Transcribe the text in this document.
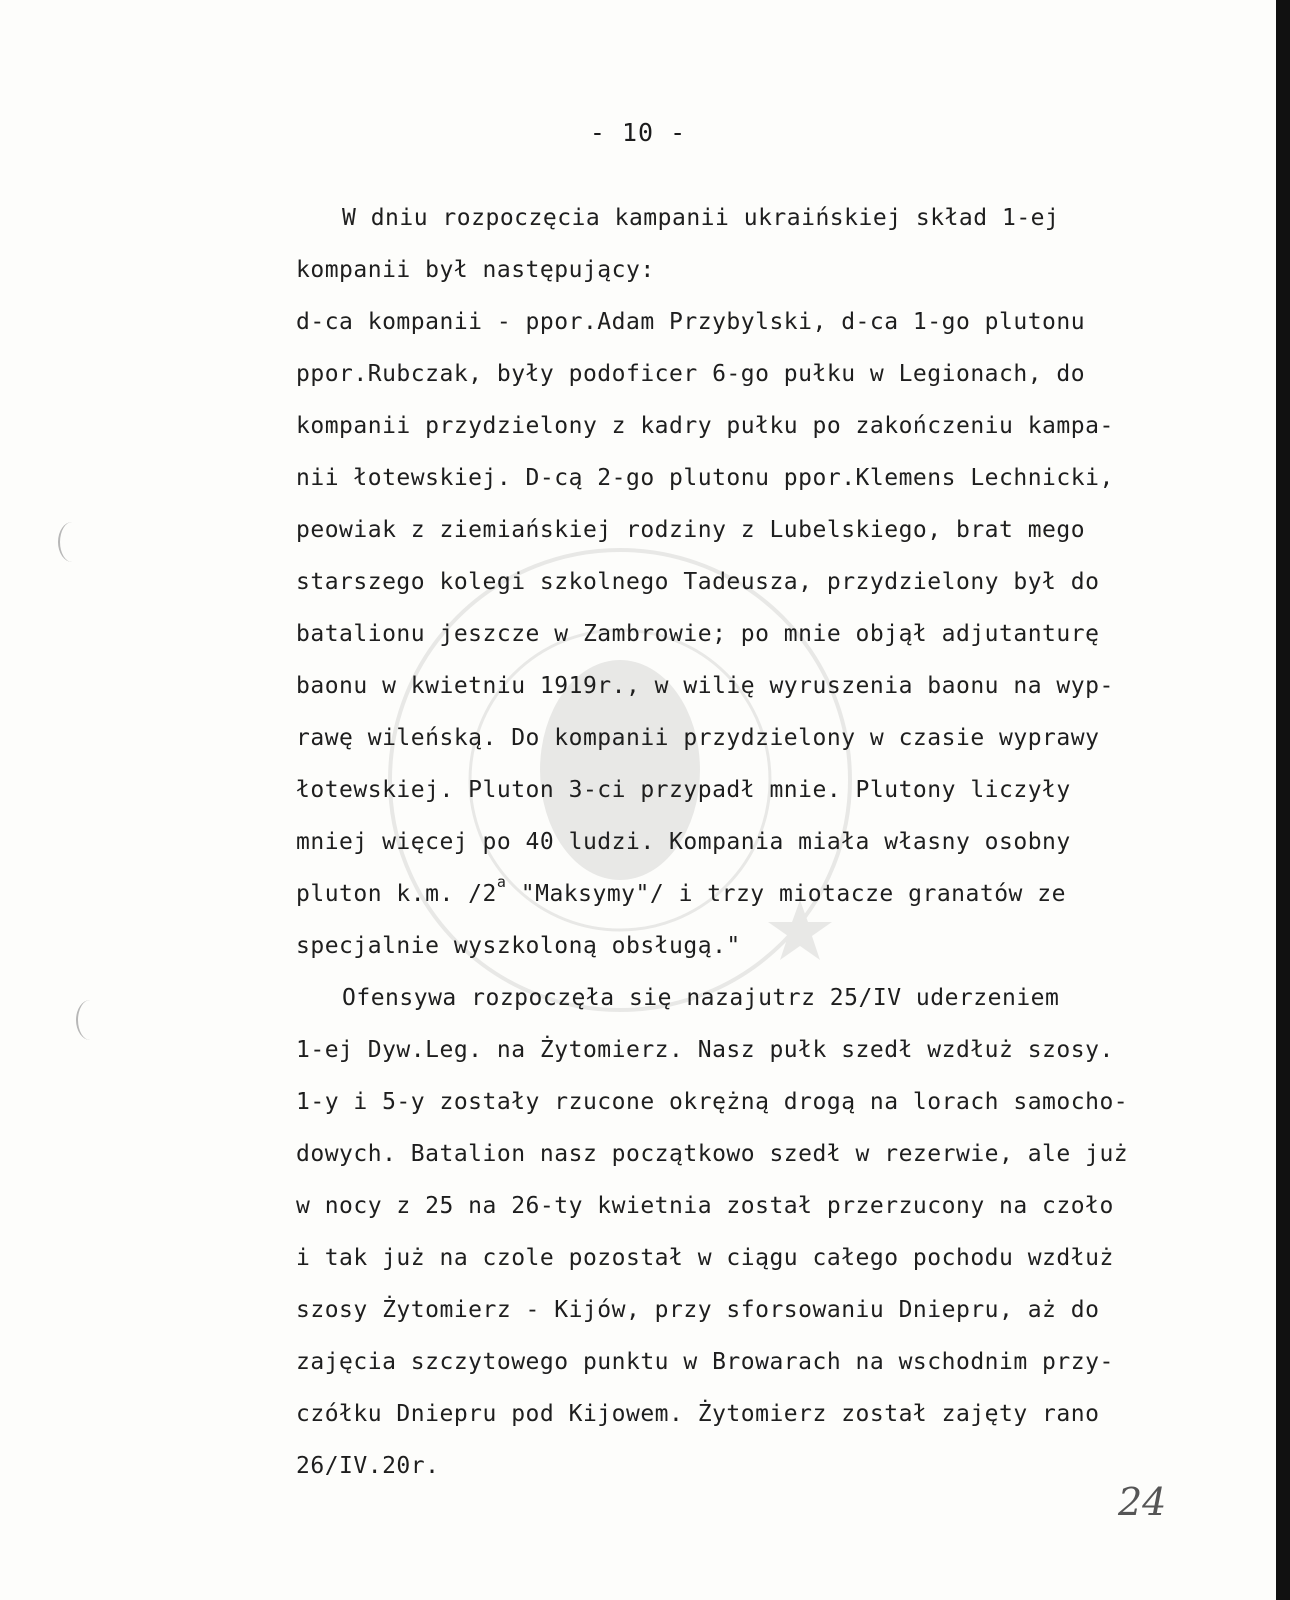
- 10 -

W dniu rozpoczęcia kampanii ukraińskiej skład 1-ej
kompanii był następujący:
d-ca kompanii - ppor.Adam Przybylski, d-ca 1-go plutonu
ppor.Rubczak, były podoficer 6-go pułku w Legionach, do
kompanii przydzielony z kadry pułku po zakończeniu kampa-
nii łotewskiej. D-cą 2-go plutonu ppor.Klemens Lechnicki,
peowiak z ziemiańskiej rodziny z Lubelskiego, brat mego
starszego kolegi szkolnego Tadeusza, przydzielony był do
batalionu jeszcze w Zambrowie; po mnie objął adjutanturę
baonu w kwietniu 1919r., w wilię wyruszenia baonu na wyp-
rawę wileńską. Do kompanii przydzielony w czasie wyprawy
łotewskiej. Pluton 3-ci przypadł mnie. Plutony liczyły
mniej więcej po 40 ludzi. Kompania miała własny osobny
pluton k.m. /2$^a$ "Maksymy"/ i trzy miotacze granatów ze
specjalnie wyszkoloną obsługą."
Ofensywa rozpoczęła się nazajutrz 25/IV uderzeniem
1-ej Dyw.Leg. na Żytomierz. Nasz pułk szedł wzdłuż szosy.
1-y i 5-y zostały rzucone okrężną drogą na lorach samocho-
dowych. Batalion nasz początkowo szedł w rezerwie, ale już
w nocy z 25 na 26-ty kwietnia został przerzucony na czoło
i tak już na czole pozostał w ciągu całego pochodu wzdłuż
szosy Żytomierz - Kijów, przy sforsowaniu Dniepru, aż do
zajęcia szczytowego punktu w Browarach na wschodnim przy-
czółku Dniepru pod Kijowem. Żytomierz został zajęty rano
26/IV.20r.

24
